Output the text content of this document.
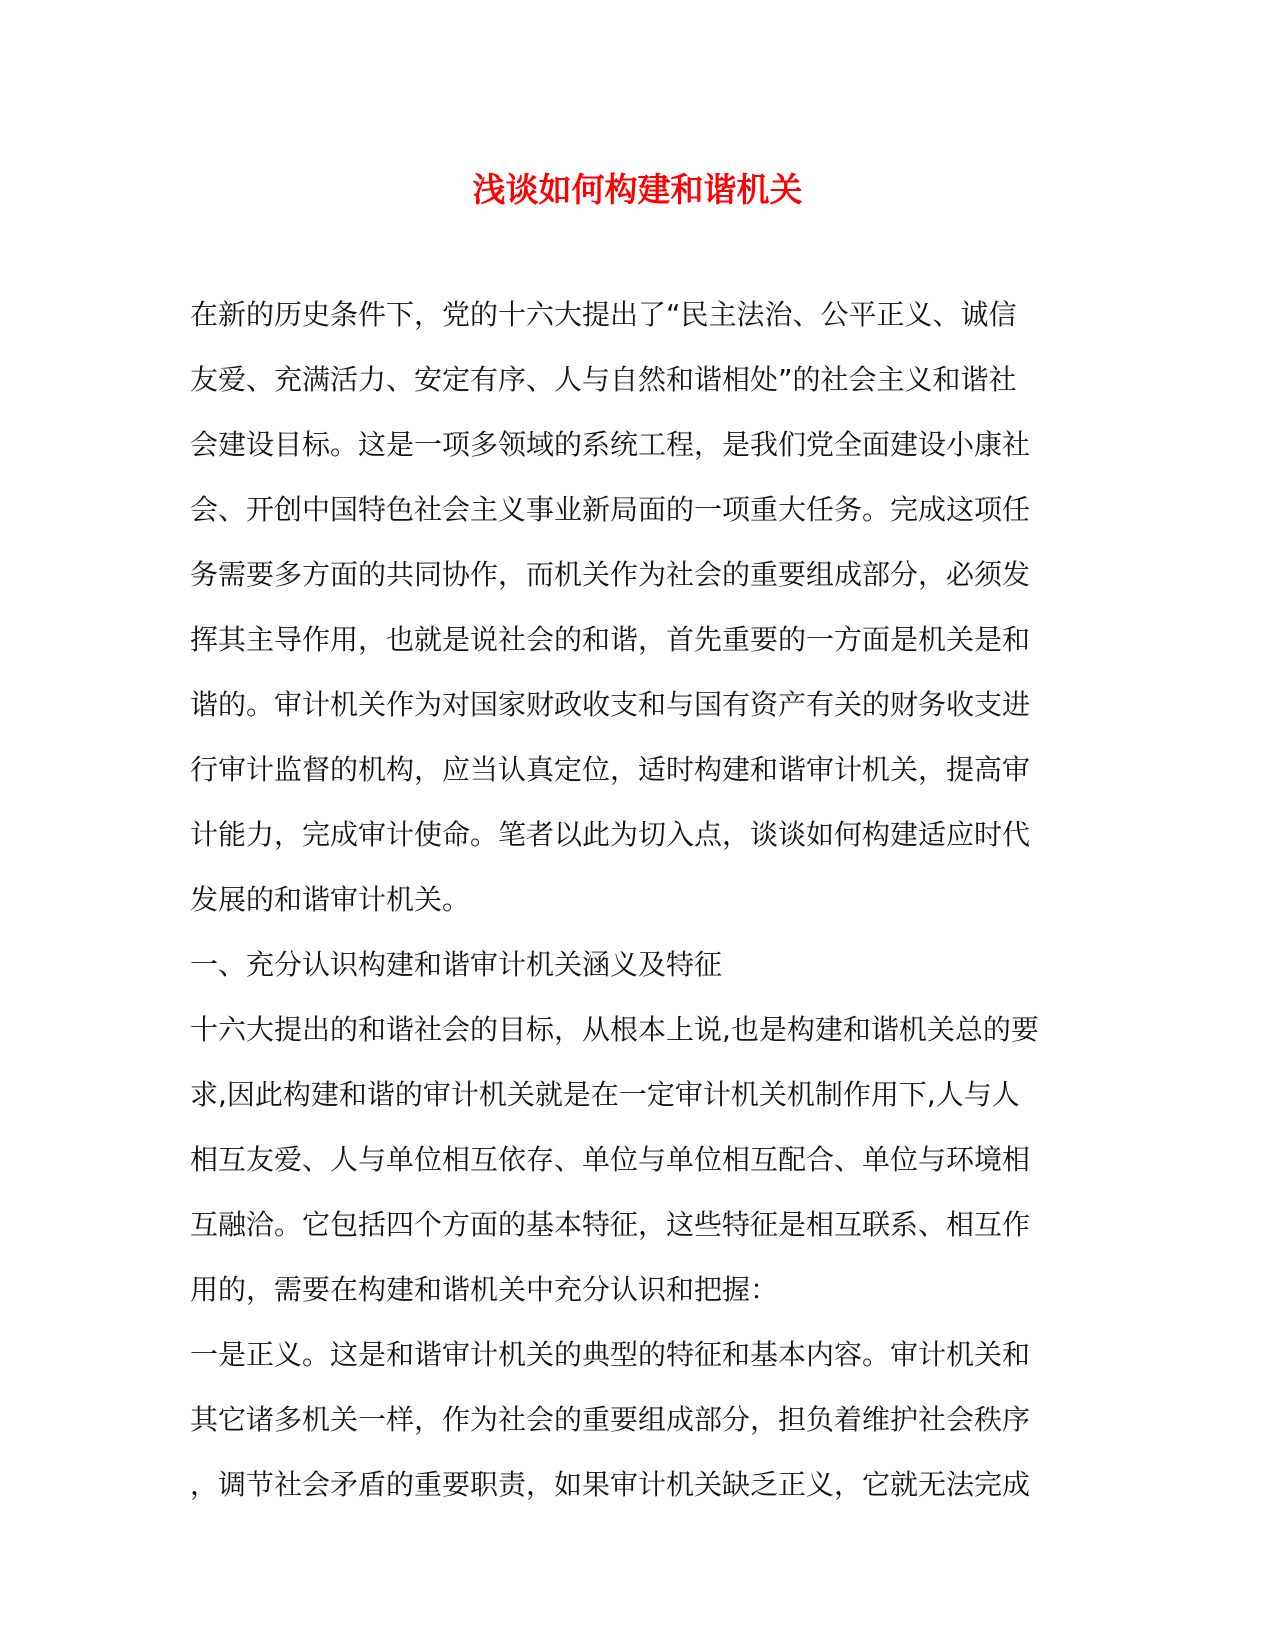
浅谈如何构建和谐机关
在新的历史条件下，党的十六大提出了“民主法治、公平正义、诚信
友爱、充满活力、安定有序、人与自然和谐相处”的社会主义和谐社
会建设目标。这是一项多领域的系统工程，是我们党全面建设小康社
会、开创中国特色社会主义事业新局面的一项重大任务。完成这项任
务需要多方面的共同协作，而机关作为社会的重要组成部分，必须发
挥其主导作用，也就是说社会的和谐，首先重要的一方面是机关是和
谐的。审计机关作为对国家财政收支和与国有资产有关的财务收支进
行审计监督的机构，应当认真定位，适时构建和谐审计机关，提高审
计能力，完成审计使命。笔者以此为切入点，谈谈如何构建适应时代
发展的和谐审计机关。
一、充分认识构建和谐审计机关涵义及特征
十六大提出的和谐社会的目标，从根本上说,也是构建和谐机关总的要
求,因此构建和谐的审计机关就是在一定审计机关机制作用下,人与人
相互友爱、人与单位相互依存、单位与单位相互配合、单位与环境相
互融洽。它包括四个方面的基本特征，这些特征是相互联系、相互作
用的，需要在构建和谐机关中充分认识和把握：
一是正义。这是和谐审计机关的典型的特征和基本内容。审计机关和
其它诸多机关一样，作为社会的重要组成部分，担负着维护社会秩序
，调节社会矛盾的重要职责，如果审计机关缺乏正义，它就无法完成
